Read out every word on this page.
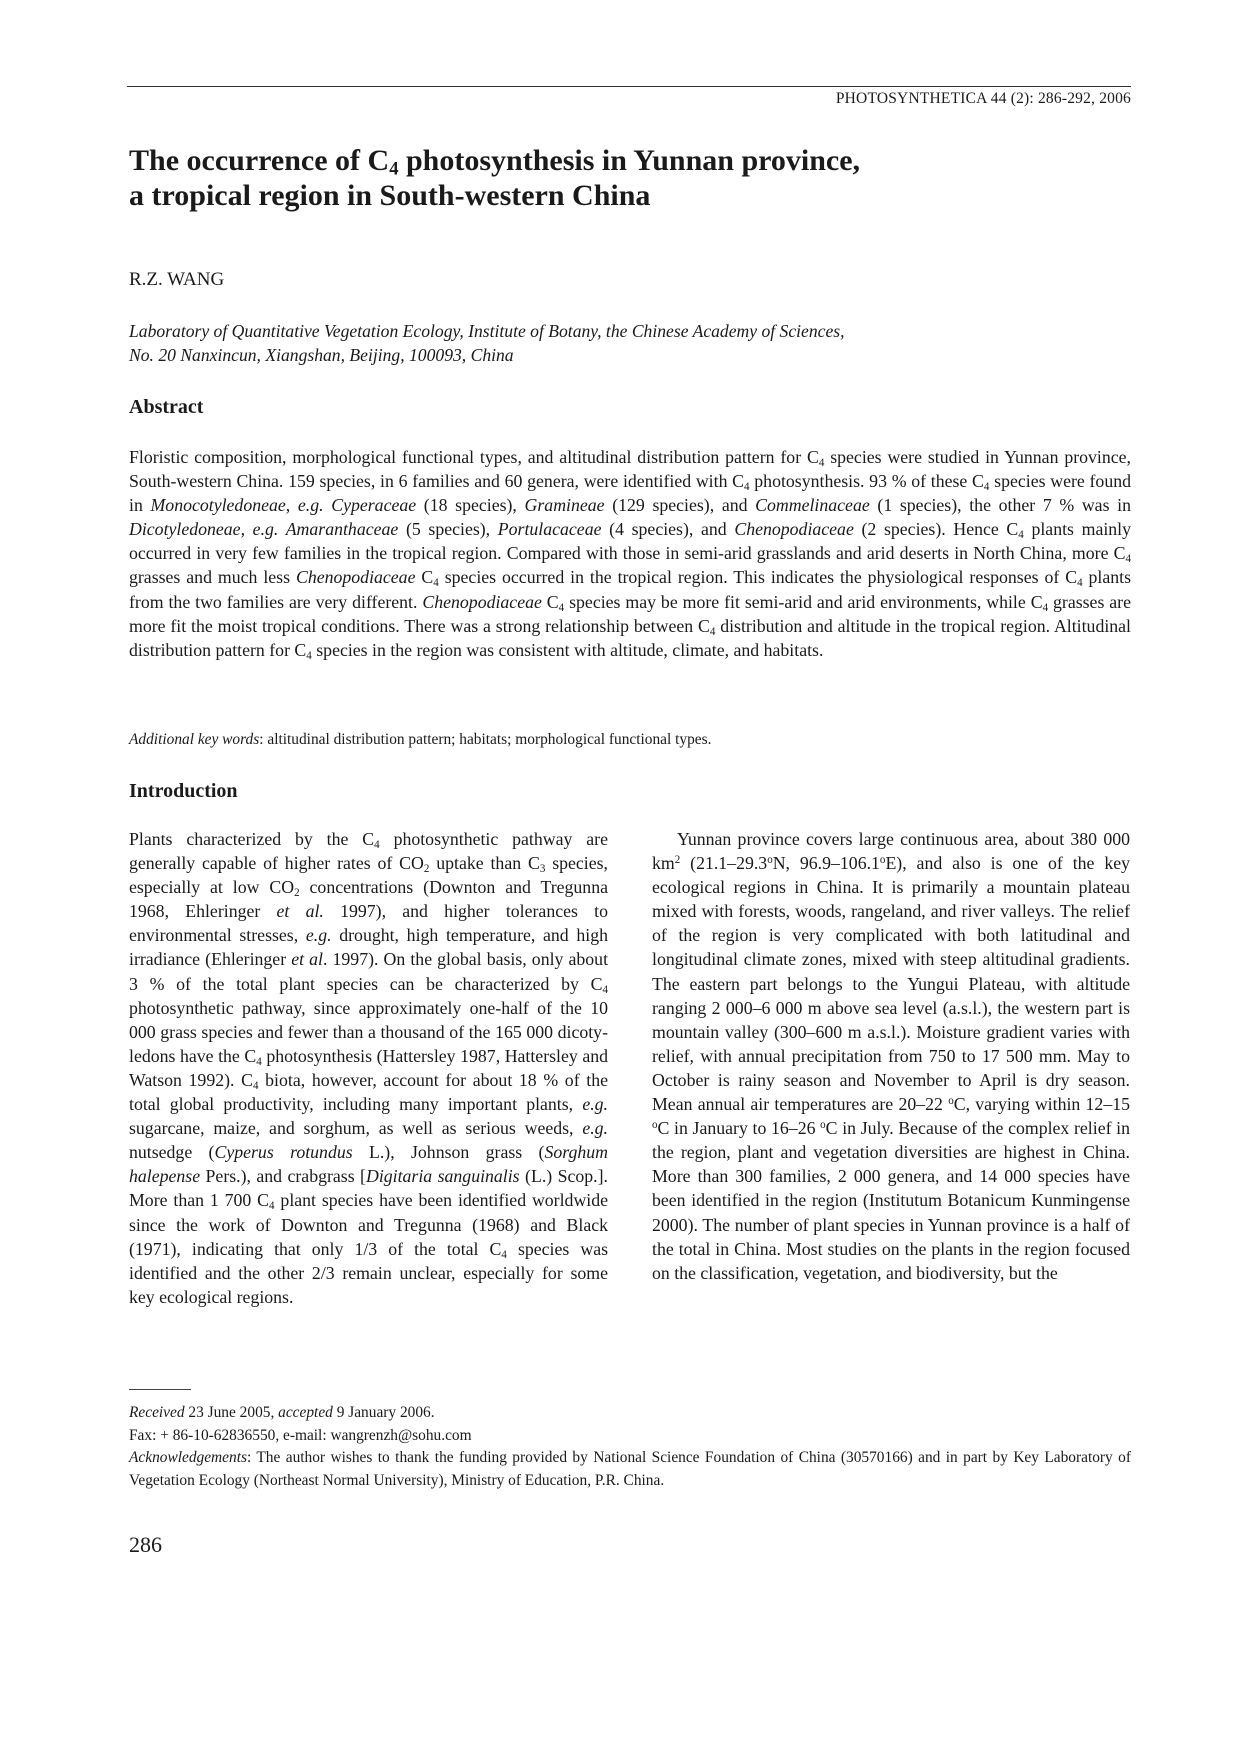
PHOTOSYNTHETICA 44 (2): 286-292, 2006
The occurrence of $C_4$ photosynthesis in Yunnan province,
a tropical region in South-western China
R.Z. WANG
Laboratory of Quantitative Vegetation Ecology, Institute of Botany, the Chinese Academy of Sciences,
No. 20 Nanxincun, Xiangshan, Beijing, 100093, China
Abstract
Floristic composition, morphological functional types, and altitudinal distribution pattern for $C_4$ species were studied in Yunnan province, South-western China. 159 species, in 6 families and 60 genera, were identified with $C_4$ photosynthesis. 93 % of these $C_4$ species were found in Monocotyledoneae, e.g. Cyperaceae (18 species), Gramineae (129 species), and Commelinaceae (1 species), the other 7 % was in Dicotyledoneae, e.g. Amaranthaceae (5 species), Portulacaceae (4 species), and Chenopodiaceae (2 species). Hence $C_4$ plants mainly occurred in very few families in the tropical region. Compared with those in semi-arid grasslands and arid deserts in North China, more $C_4$ grasses and much less Chenopodiaceae $C_4$ species occurred in the tropical region. This indicates the physiological responses of $C_4$ plants from the two families are very different. Chenopodiaceae $C_4$ species may be more fit semi-arid and arid environments, while $C_4$ grasses are more fit the moist tropical conditions. There was a strong relationship between $C_4$ distribution and altitude in the tropical region. Altitudinal distribution pattern for $C_4$ species in the region was consistent with altitude, climate, and habitats.
Additional key words: altitudinal distribution pattern; habitats; morphological functional types.
Introduction
Plants characterized by the $C_4$ photosynthetic pathway are generally capable of higher rates of $CO_2$ uptake than $C_3$ species, especially at low $CO_2$ concentrations (Downton and Tregunna 1968, Ehleringer et al. 1997), and higher tolerances to environmental stresses, e.g. drought, high temperature, and high irradiance (Ehleringer et al. 1997). On the global basis, only about 3 % of the total plant species can be characterized by $C_4$ photosynthetic pathway, since approximately one-half of the 10 000 grass species and fewer than a thousand of the 165 000 dicotyledons have the $C_4$ photosynthesis (Hattersley 1987, Hattersley and Watson 1992). $C_4$ biota, however, account for about 18 % of the total global productivity, including many important plants, e.g. sugarcane, maize, and sorghum, as well as serious weeds, e.g. nutsedge (Cyperus rotundus L.), Johnson grass (Sorghum halepense Pers.), and crabgrass [Digitaria sanguinalis (L.) Scop.]. More than 1 700 $C_4$ plant species have been identified worldwide since the work of Downton and Tregunna (1968) and Black (1971), indicating that only 1/3 of the total $C_4$ species was identified and the other 2/3 remain unclear, especially for some key ecological regions.
Yunnan province covers large continuous area, about 380 000 $km^2$ (21.1–29.3$^o$N, 96.9–106.1$^o$E), and also is one of the key ecological regions in China. It is primarily a mountain plateau mixed with forests, woods, rangeland, and river valleys. The relief of the region is very complicated with both latitudinal and longitudinal climate zones, mixed with steep altitudinal gradients. The eastern part belongs to the Yungui Plateau, with altitude ranging 2 000–6 000 m above sea level (a.s.l.), the western part is mountain valley (300–600 m a.s.l.). Moisture gradient varies with relief, with annual precipitation from 750 to 17 500 mm. May to October is rainy season and November to April is dry season. Mean annual air temperatures are 20–22 $^o$C, varying within 12–15 $^o$C in January to 16–26 $^o$C in July. Because of the complex relief in the region, plant and vegetation diversities are highest in China. More than 300 families, 2 000 genera, and 14 000 species have been identified in the region (Institutum Botanicum Kunmingense 2000). The number of plant species in Yunnan province is a half of the total in China. Most studies on the plants in the region focused on the classification, vegetation, and biodiversity, but the
Received 23 June 2005, accepted 9 January 2006.
Fax: + 86-10-62836550, e-mail: wangrenzh@sohu.com
Acknowledgements: The author wishes to thank the funding provided by National Science Foundation of China (30570166) and in part by Key Laboratory of Vegetation Ecology (Northeast Normal University), Ministry of Education, P.R. China.
286
